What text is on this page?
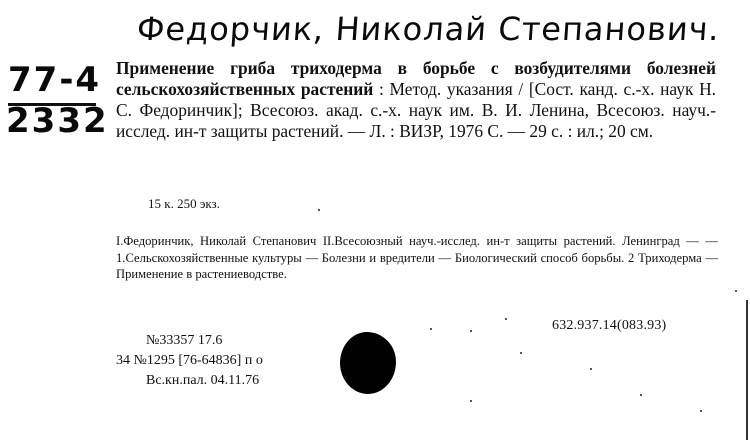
Федорчик, Николай Степанович.
77-4
2332
Применение гриба триходерма в борьбе с возбудителями болезней сельскохозяйственных растений : Метод. указания / [Сост. канд. с.-х. наук Н. С. Федоринчик]; Всесоюз. акад. с.-х. наук им. В. И. Ленина, Всесоюз. науч.-исслед. ин-т защиты растений. — Л. : ВИЗР, 1976 С. — 29 с. : ил.; 20 см.
15 к. 250 экз.
I.Федоринчик, Николай Степанович II.Всесоюзный науч.-исслед. ин-т защиты растений. Ленинград — —1.Сельскохозяйственные культуры — Болезни и вредители — Биологический способ борьбы. 2 Триходерма — Применение в растениеводстве.
632.937.14(083.93)
№33357 17.6
34 №1295 [76-64836] п о
Вс.кн.пал. 04.11.76
